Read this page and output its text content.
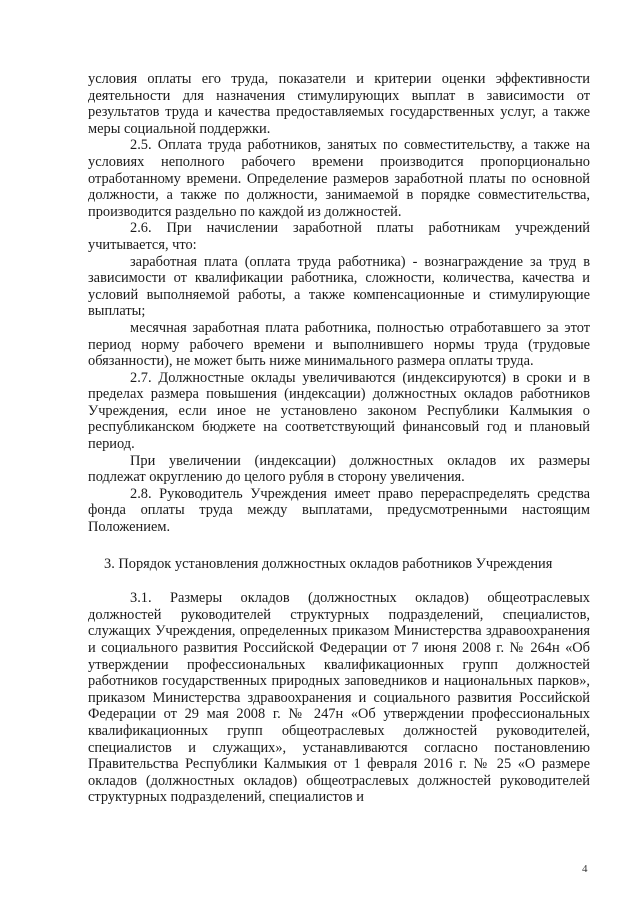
условия оплаты его труда, показатели и критерии оценки эффективности деятельности для назначения стимулирующих выплат в зависимости от результатов труда и качества предоставляемых государственных услуг, а также меры социальной поддержки.

2.5. Оплата труда работников, занятых по совместительству, а также на условиях неполного рабочего времени производится пропорционально отработанному времени. Определение размеров заработной платы по основной должности, а также по должности, занимаемой в порядке совместительства, производится раздельно по каждой из должностей.

2.6. При начислении заработной платы работникам учреждений учитывается, что:

заработная плата (оплата труда работника) - вознаграждение за труд в зависимости от квалификации работника, сложности, количества, качества и условий выполняемой работы, а также компенсационные и стимулирующие выплаты;

месячная заработная плата работника, полностью отработавшего за этот период норму рабочего времени и выполнившего нормы труда (трудовые обязанности), не может быть ниже минимального размера оплаты труда.

2.7. Должностные оклады увеличиваются (индексируются) в сроки и в пределах размера повышения (индексации) должностных окладов работников Учреждения, если иное не установлено законом Республики Калмыкия о республиканском бюджете на соответствующий финансовый год и плановый период.

При увеличении (индексации) должностных окладов их размеры подлежат округлению до целого рубля в сторону увеличения.

2.8. Руководитель Учреждения имеет право перераспределять средства фонда оплаты труда между выплатами, предусмотренными настоящим Положением.

3. Порядок установления должностных окладов работников Учреждения

3.1. Размеры окладов (должностных окладов) общеотраслевых должностей руководителей структурных подразделений, специалистов, служащих Учреждения, определенных приказом Министерства здравоохранения и социального развития Российской Федерации от 7 июня 2008 г. № 264н «Об утверждении профессиональных квалификационных групп должностей работников государственных природных заповедников и национальных парков», приказом Министерства здравоохранения и социального развития Российской Федерации от 29 мая 2008 г. № 247н «Об утверждении профессиональных квалификационных групп общеотраслевых должностей руководителей, специалистов и служащих», устанавливаются согласно постановлению Правительства Республики Калмыкия от 1 февраля 2016 г. № 25 «О размере окладов (должностных окладов) общеотраслевых должностей руководителей структурных подразделений, специалистов и

4
